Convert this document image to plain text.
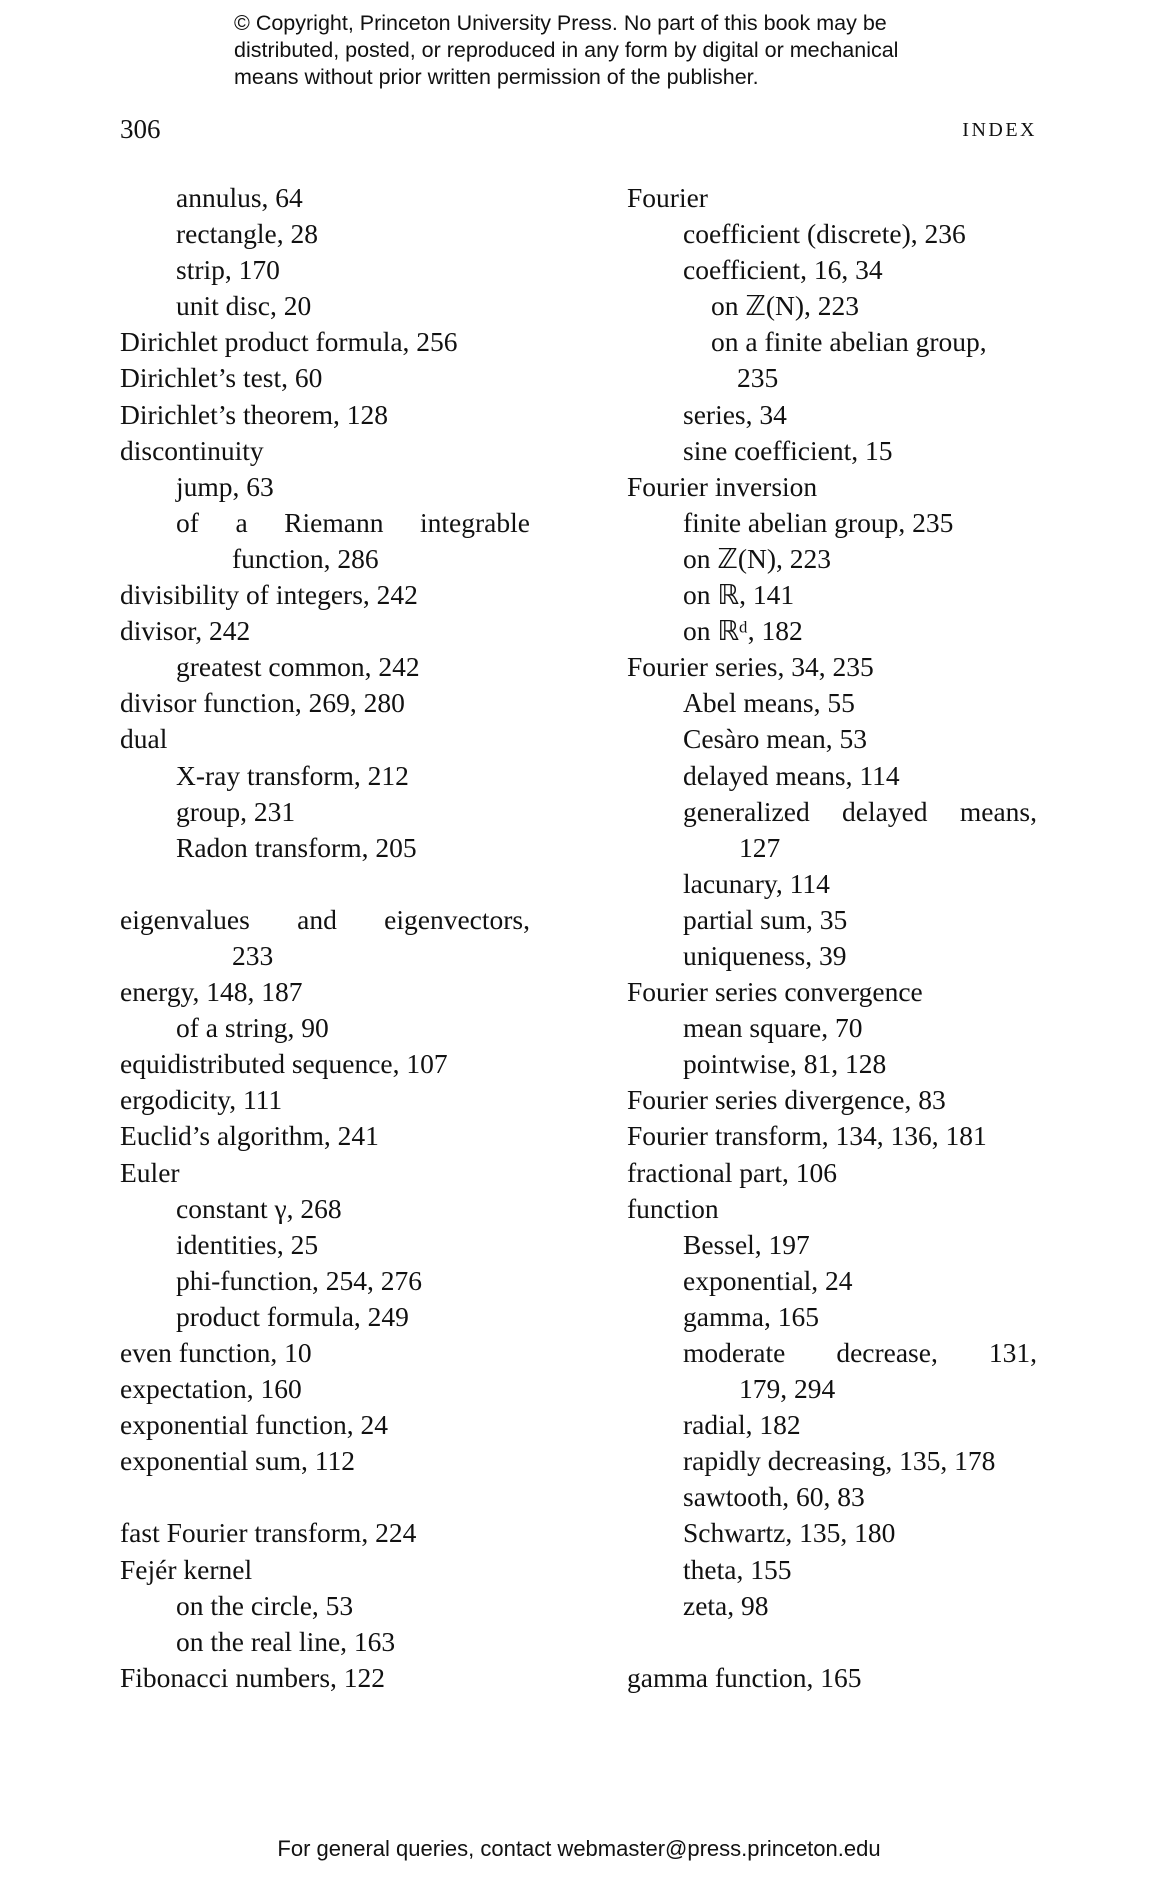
© Copyright, Princeton University Press. No part of this book may be
distributed, posted, or reproduced in any form by digital or mechanical
means without prior written permission of the publisher.
306	INDEX
annulus, 64
rectangle, 28
strip, 170
unit disc, 20
Dirichlet product formula, 256
Dirichlet’s test, 60
Dirichlet’s theorem, 128
discontinuity
jump, 63
of a Riemann integrable
function, 286
divisibility of integers, 242
divisor, 242
greatest common, 242
divisor function, 269, 280
dual
X-ray transform, 212
group, 231
Radon transform, 205
eigenvalues and eigenvectors,
233
energy, 148, 187
of a string, 90
equidistributed sequence, 107
ergodicity, 111
Euclid’s algorithm, 241
Euler
constant γ, 268
identities, 25
phi-function, 254, 276
product formula, 249
even function, 10
expectation, 160
exponential function, 24
exponential sum, 112
fast Fourier transform, 224
Fejér kernel
on the circle, 53
on the real line, 163
Fibonacci numbers, 122
Fourier
coefficient (discrete), 236
coefficient, 16, 34
on ℤ(N), 223
on a finite abelian group,
235
series, 34
sine coefficient, 15
Fourier inversion
finite abelian group, 235
on ℤ(N), 223
on ℝ, 141
on ℝᵈ, 182
Fourier series, 34, 235
Abel means, 55
Cesàro mean, 53
delayed means, 114
generalized delayed means,
127
lacunary, 114
partial sum, 35
uniqueness, 39
Fourier series convergence
mean square, 70
pointwise, 81, 128
Fourier series divergence, 83
Fourier transform, 134, 136, 181
fractional part, 106
function
Bessel, 197
exponential, 24
gamma, 165
moderate decrease, 131,
179, 294
radial, 182
rapidly decreasing, 135, 178
sawtooth, 60, 83
Schwartz, 135, 180
theta, 155
zeta, 98
gamma function, 165
For general queries, contact webmaster@press.princeton.edu
